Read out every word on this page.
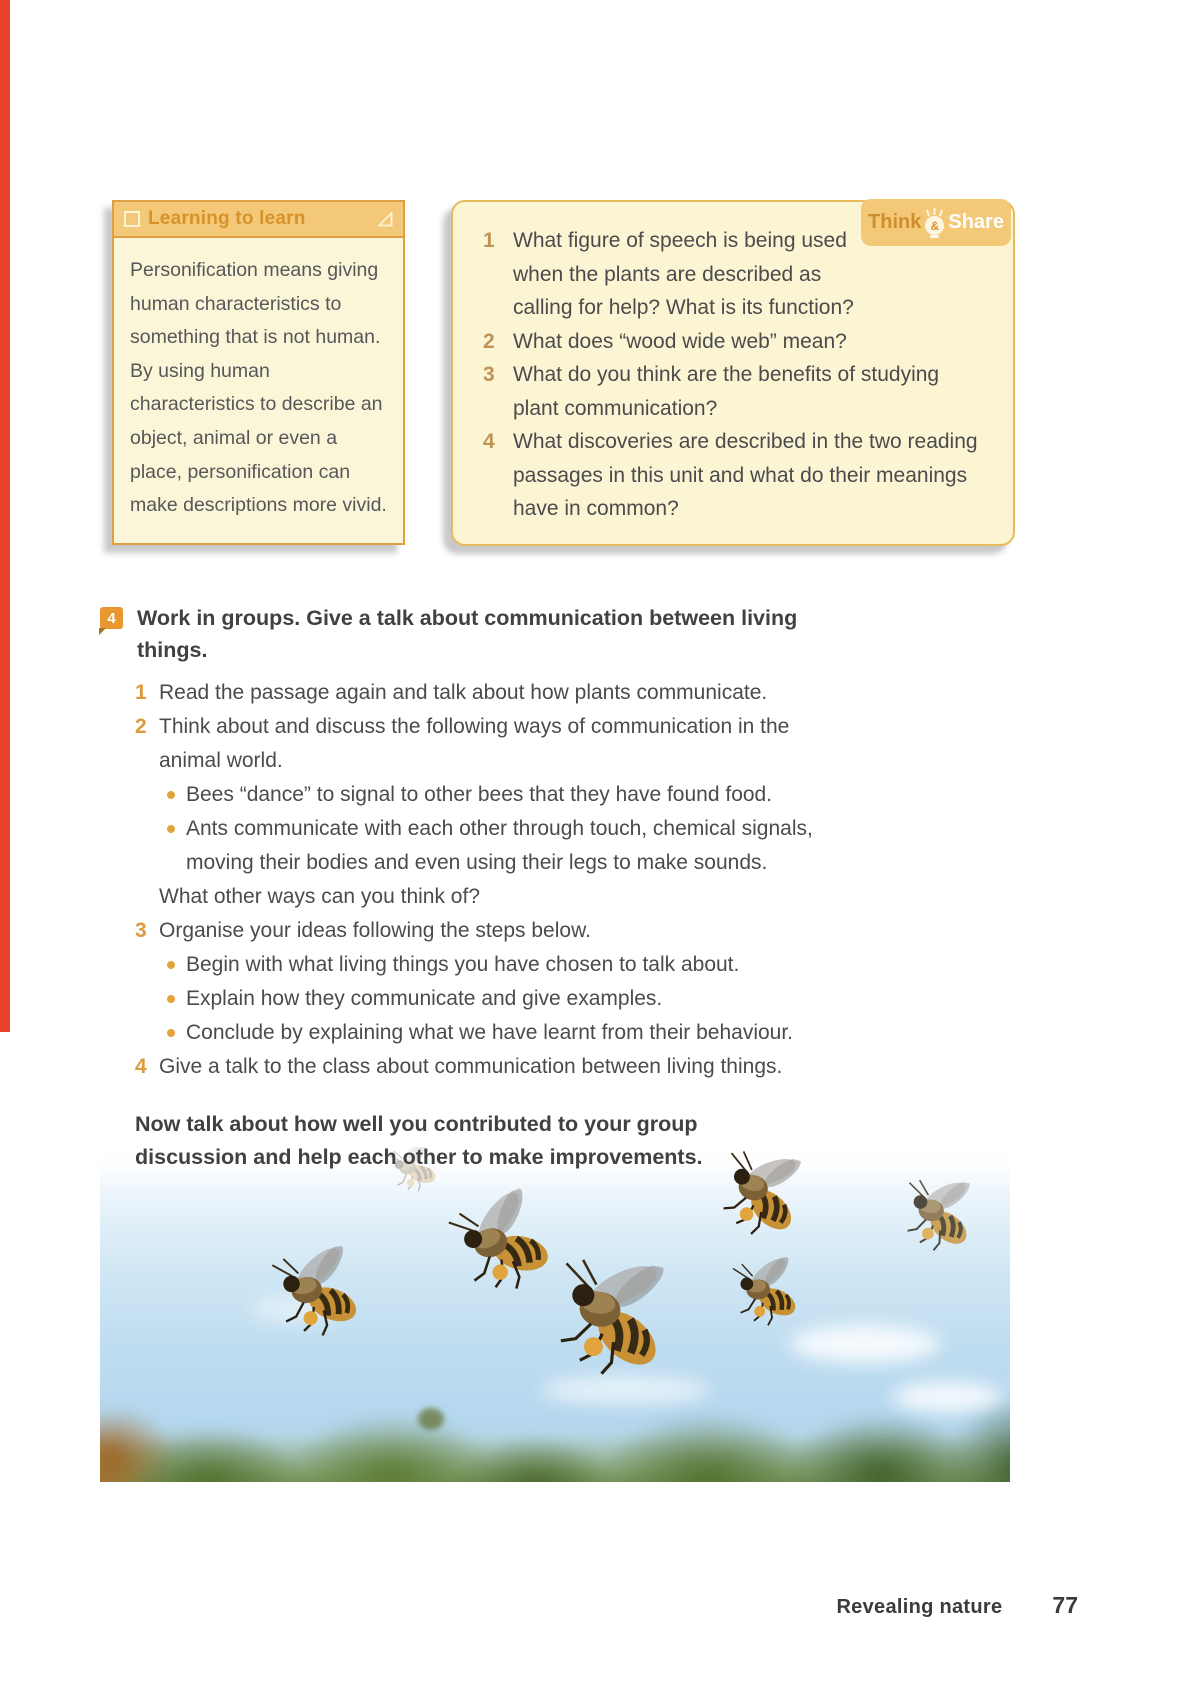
Learning to learn
Personification means giving human characteristics to something that is not human. By using human characteristics to describe an object, animal or even a place, personification can make descriptions more vivid.
Think & Share
1 What figure of speech is being used when the plants are described as calling for help? What is its function?
2 What does “wood wide web” mean?
3 What do you think are the benefits of studying plant communication?
4 What discoveries are described in the two reading passages in this unit and what do their meanings have in common?
4 Work in groups. Give a talk about communication between living things.
1 Read the passage again and talk about how plants communicate.
2 Think about and discuss the following ways of communication in the animal world.
Bees “dance” to signal to other bees that they have found food.
Ants communicate with each other through touch, chemical signals, moving their bodies and even using their legs to make sounds.
What other ways can you think of?
3 Organise your ideas following the steps below.
Begin with what living things you have chosen to talk about.
Explain how they communicate and give examples.
Conclude by explaining what we have learnt from their behaviour.
4 Give a talk to the class about communication between living things.
Now talk about how well you contributed to your group discussion and help each other to make improvements.
Revealing nature 77
